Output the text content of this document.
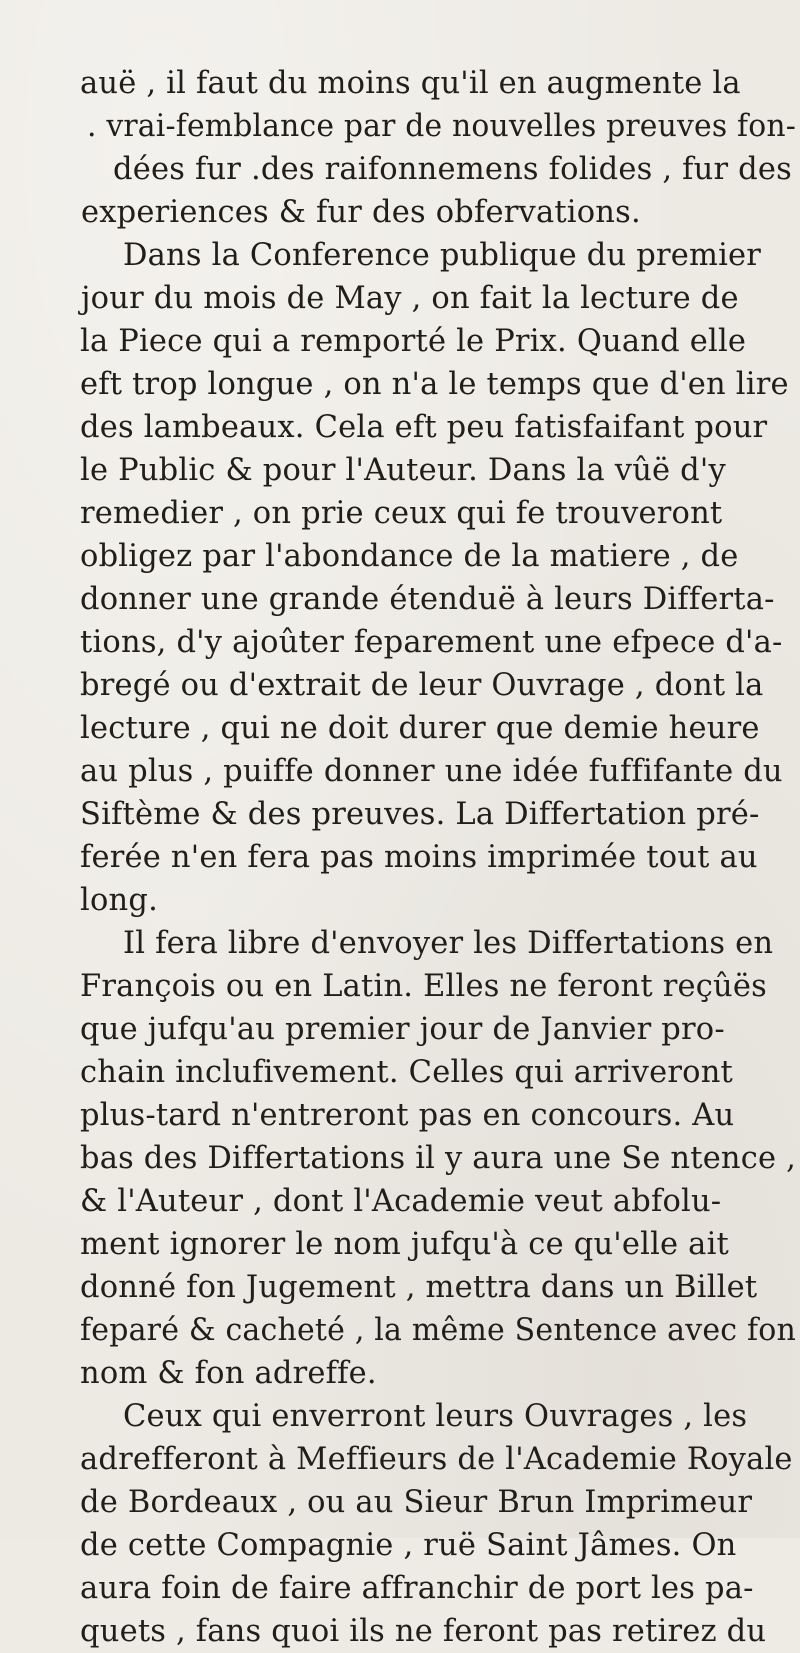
auë , il faut du moins qu'il en augmente la
. vrai-femblance par de nouvelles preuves fon-
dées fur .des raifonnemens folides , fur des
experiences & fur des obfervations.
Dans la Conference publique du premier
jour du mois de May , on fait la lecture de
la Piece qui a remporté le Prix. Quand elle
eft trop longue , on n'a le temps que d'en lire
des lambeaux. Cela eft peu fatisfaifant pour
le Public & pour l'Auteur. Dans la vûë d'y
remedier , on prie ceux qui fe trouveront
obligez par l'abondance de la matiere , de
donner une grande étenduë à leurs Differta-
tions, d'y ajoûter feparement une efpece d'a-
bregé ou d'extrait de leur Ouvrage , dont la
lecture , qui ne doit durer que demie heure
au plus , puiffe donner une idée fuffifante du
Siftème & des preuves. La Differtation pré-
ferée n'en fera pas moins imprimée tout au
long.
Il fera libre d'envoyer les Differtations en
François ou en Latin. Elles ne feront reçûës
que jufqu'au premier jour de Janvier pro-
chain inclufivement. Celles qui arriveront
plus-tard n'entreront pas en concours. Au
bas des Differtations il y aura une Se ntence ,
& l'Auteur , dont l'Academie veut abfolu-
ment ignorer le nom jufqu'à ce qu'elle ait
donné fon Jugement , mettra dans un Billet
feparé & cacheté , la même Sentence avec fon
nom & fon adreffe.
Ceux qui enverront leurs Ouvrages , les
adrefferont à Meffieurs de l'Academie Royale
de Bordeaux , ou au Sieur Brun Imprimeur
de cette Compagnie , ruë Saint Jâmes. On
aura foin de faire affranchir de port les pa-
quets , fans quoi ils ne feront pas retirez du
